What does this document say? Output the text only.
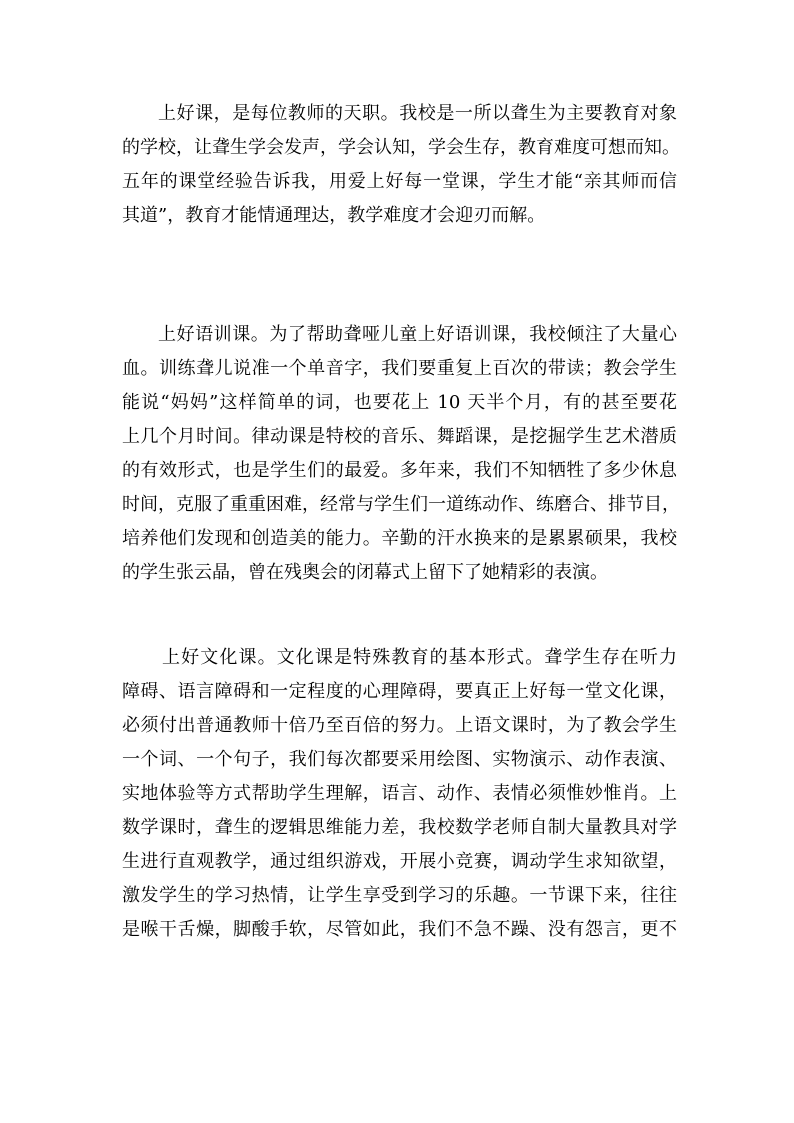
上好课，是每位教师的天职。我校是一所以聋生为主要教育对象
的学校，让聋生学会发声，学会认知，学会生存，教育难度可想而知。
五年的课堂经验告诉我，用爱上好每一堂课，学生才能“亲其师而信
其道”，教育才能情通理达，教学难度才会迎刃而解。

上好语训课。为了帮助聋哑儿童上好语训课，我校倾注了大量心
血。训练聋儿说准一个单音字，我们要重复上百次的带读；教会学生
能说“妈妈”这样简单的词，也要花上 10 天半个月，有的甚至要花
上几个月时间。律动课是特校的音乐、舞蹈课，是挖掘学生艺术潜质
的有效形式，也是学生们的最爱。多年来，我们不知牺牲了多少休息
时间，克服了重重困难，经常与学生们一道练动作、练磨合、排节目，
培养他们发现和创造美的能力。辛勤的汗水换来的是累累硕果，我校
的学生张云晶，曾在残奥会的闭幕式上留下了她精彩的表演。

上好文化课。文化课是特殊教育的基本形式。聋学生存在听力
障碍、语言障碍和一定程度的心理障碍，要真正上好每一堂文化课，
必须付出普通教师十倍乃至百倍的努力。上语文课时，为了教会学生
一个词、一个句子，我们每次都要采用绘图、实物演示、动作表演、
实地体验等方式帮助学生理解，语言、动作、表情必须惟妙惟肖。上
数学课时，聋生的逻辑思维能力差，我校数学老师自制大量教具对学
生进行直观教学，通过组织游戏，开展小竞赛，调动学生求知欲望，
激发学生的学习热情，让学生享受到学习的乐趣。一节课下来，往往
是喉干舌燥，脚酸手软，尽管如此，我们不急不躁、没有怨言，更不
